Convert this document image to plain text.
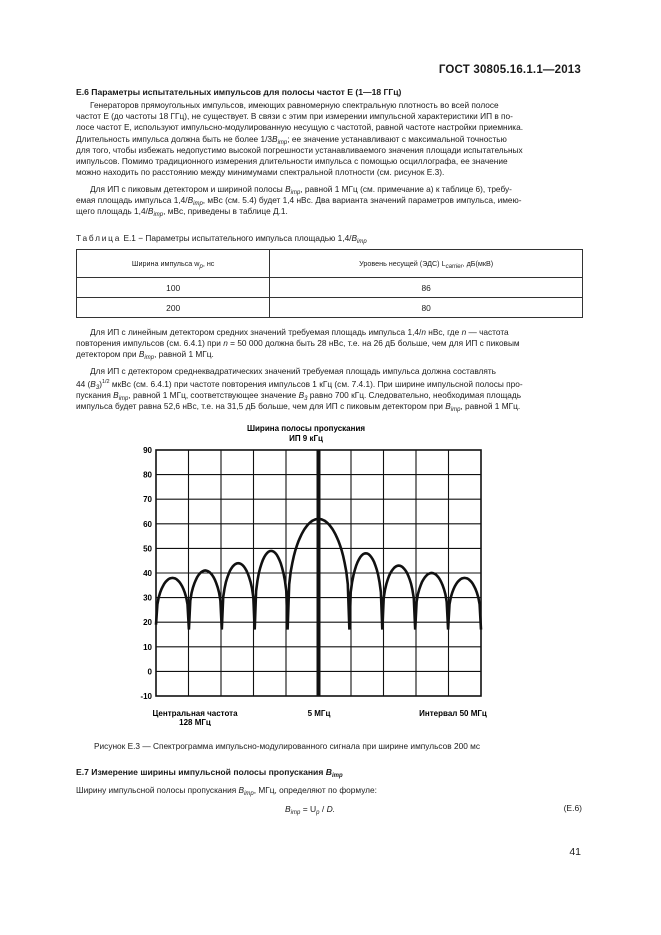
ГОСТ 30805.16.1.1—2013
Е.6 Параметры испытательных импульсов для полосы частот Е (1—18 ГГц)

Генераторов прямоугольных импульсов, имеющих равномерную спектральную плотность во всей полосе
частот Е (до частоты 18 ГГц), не существует. В связи с этим при измерении импульсной характеристики ИП в по-
лосе частот Е, используют импульсно-модулированную несущую с частотой, равной частоте настройки приемника.
Длительность импульса должна быть не более $1/3B_{imp}$; ее значение устанавливают с максимальной точностью
для того, чтобы избежать недопустимо высокой погрешности устанавливаемого значения площади испытательных
импульсов. Помимо традиционного измерения длительности импульса с помощью осциллографа, ее значение
можно находить по расстоянию между минимумами спектральной плотности (см. рисунок Е.3).

Для ИП с пиковым детектором и шириной полосы $B_{imp}$, равной 1 МГц (см. примечание а) к таблице 6), требу-
емая площадь импульса $1,4/B_{imp}$, мВс (см. 5.4) будет 1,4 нВс. Два варианта значений параметров импульса, имею-
щего площадь $1,4/B_{imp}$, мВс, приведены в таблице Д.1.

Таблица Е.1 − Параметры испытательного импульса площадью $1,4/B_{imp}$
Ширина импульса $w_p$, нс	Уровень несущей (ЭДС) $L_{carrier}$, дБ(мкВ)
100	86
200	80

Для ИП с линейным детектором средних значений требуемая площадь импульса 1,4/n нВс, где n — частота
повторения импульсов (см. 6.4.1) при n = 50 000 должна быть 28 нВс, т.е. на 26 дБ больше, чем для ИП с пиковым
детектором при $B_{imp}$, равной 1 МГц.

Для ИП с детектором среднеквадратических значений требуемая площадь импульса должна составлять
44 $(B_3)^{1/2}$ мкВс (см. 6.4.1) при частоте повторения импульсов 1 кГц (см. 7.4.1). При ширине импульсной полосы про-
пускания $B_{imp}$, равной 1 МГц, соответствующее значение $B_3$ равно 700 кГц. Следовательно, необходимая площадь
импульса будет равна 52,6 нВс, т.е. на 31,5 дБ больше, чем для ИП с пиковым детектором при $B_{imp}$, равной 1 МГц.

Ширина полосы пропускания
ИП 9 кГц
90
80
70
60
50
40
30
20
10
0
-10
Центральная частота
128 МГц
5 МГц	Интервал 50 МГц
Рисунок Е.3 — Спектрограмма импульсно-модулированного сигнала при ширине импульсов 200 мс
Е.7 Измерение ширины импульсной полосы пропускания $B_{imp}$

Ширину импульсной полосы пропускания $B_{imp}$, МГц, определяют по формуле:

$B_{imp} = U_p / D$.	(Е.6)
41
